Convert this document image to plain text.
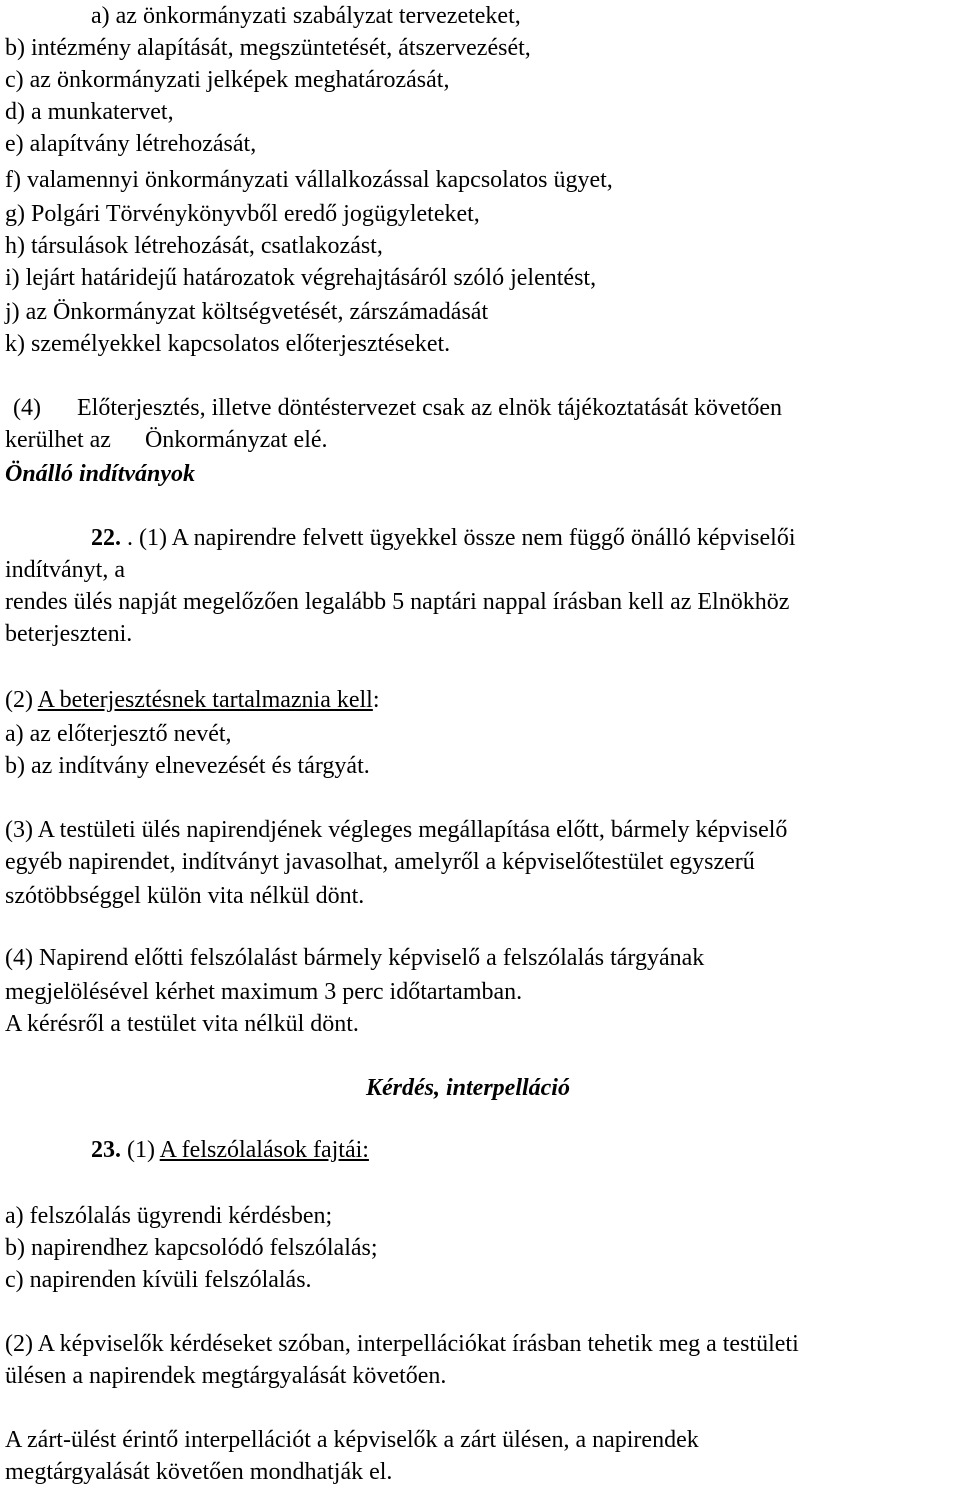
a) az önkormányzati szabályzat tervezeteket,
b) intézmény alapítását, megszüntetését, átszervezését,
c) az önkormányzati jelképek meghatározását,
d) a munkatervet,
e) alapítvány létrehozását,
f) valamennyi önkormányzati vállalkozással kapcsolatos ügyet,
g) Polgári Törvénykönyvből eredő jogügyleteket,
h) társulások létrehozását, csatlakozást,
i) lejárt határidejű határozatok végrehajtásáról szóló jelentést,
j) az Önkormányzat költségvetését, zárszámadását
k) személyekkel kapcsolatos előterjesztéseket.
(4) Előterjesztés, illetve döntéstervezet csak az elnök tájékoztatását követően
kerülhet az Önkormányzat elé.
Önálló indítványok
22. . (1) A napirendre felvett ügyekkel össze nem függő önálló képviselői
indítványt, a
rendes ülés napját megelőzően legalább 5 naptári nappal írásban kell az Elnökhöz
beterjeszteni.
(2) A beterjesztésnek tartalmaznia kell:
a) az előterjesztő nevét,
b) az indítvány elnevezését és tárgyát.
(3) A testületi ülés napirendjének végleges megállapítása előtt, bármely képviselő
egyéb napirendet, indítványt javasolhat, amelyről a képviselőtestület egyszerű
szótöbbséggel külön vita nélkül dönt.
(4) Napirend előtti felszólalást bármely képviselő a felszólalás tárgyának
megjelölésével kérhet maximum 3 perc időtartamban.
A kérésről a testület vita nélkül dönt.
Kérdés, interpelláció
23. (1) A felszólalások fajtái:
a) felszólalás ügyrendi kérdésben;
b) napirendhez kapcsolódó felszólalás;
c) napirenden kívüli felszólalás.
(2) A képviselők kérdéseket szóban, interpellációkat írásban tehetik meg a testületi
ülésen a napirendek megtárgyalását követően.
A zárt-ülést érintő interpellációt a képviselők a zárt ülésen, a napirendek
megtárgyalását követően mondhatják el.
